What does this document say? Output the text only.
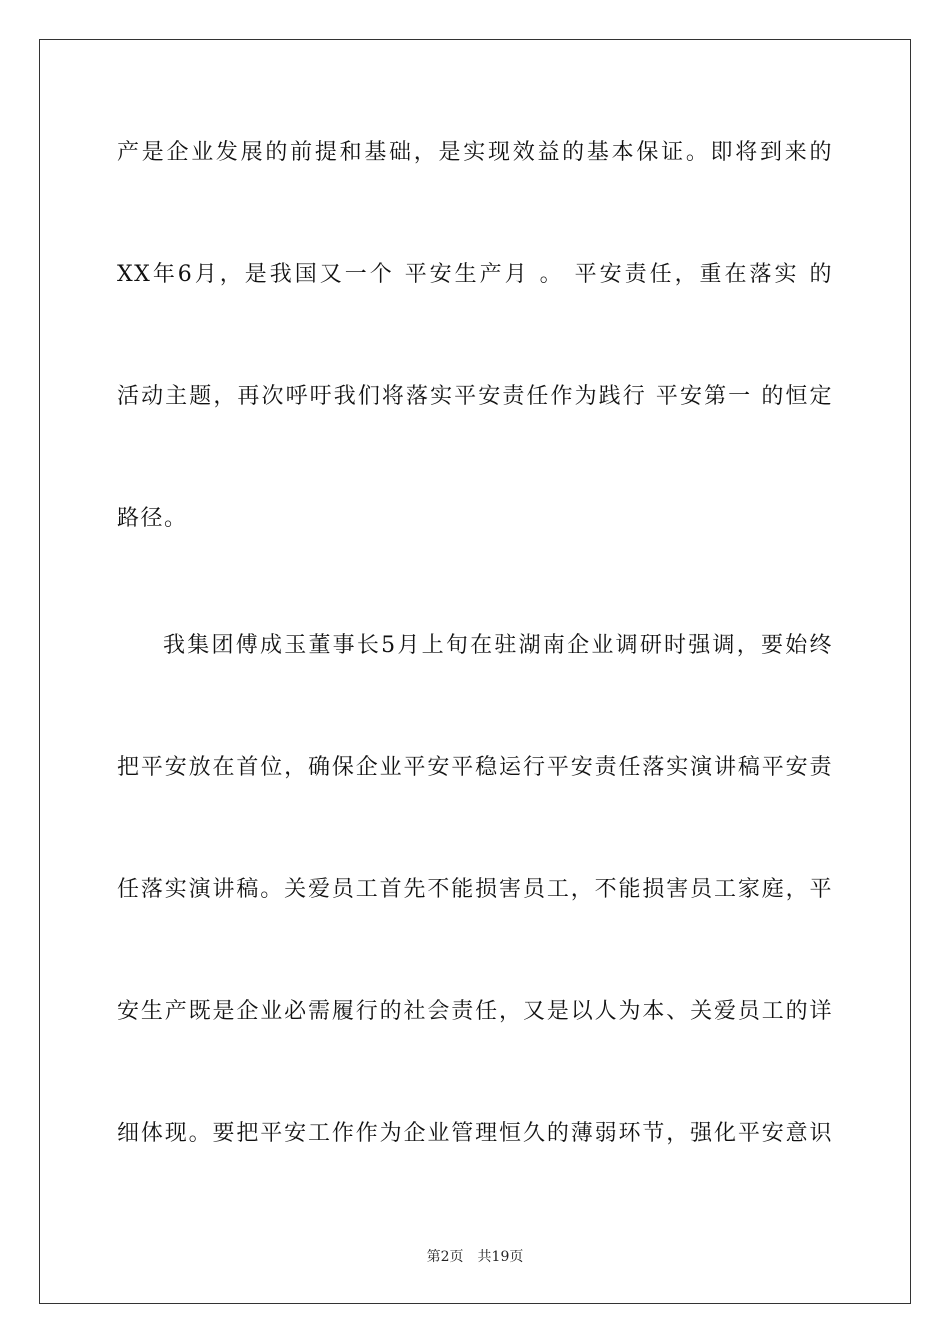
产是企业发展的前提和基础，是实现效益的基本保证。即将到来的
XX年6月，是我国又一个 平安生产月 。 平安责任，重在落实 的
活动主题，再次呼吁我们将落实平安责任作为践行 平安第一 的恒定
路径。
我集团傅成玉董事长5月上旬在驻湖南企业调研时强调，要始终
把平安放在首位，确保企业平安平稳运行平安责任落实演讲稿平安责
任落实演讲稿。关爱员工首先不能损害员工，不能损害员工家庭，平
安生产既是企业必需履行的社会责任，又是以人为本、关爱员工的详
细体现。要把平安工作作为企业管理恒久的薄弱环节，强化平安意识
第2页 共19页
